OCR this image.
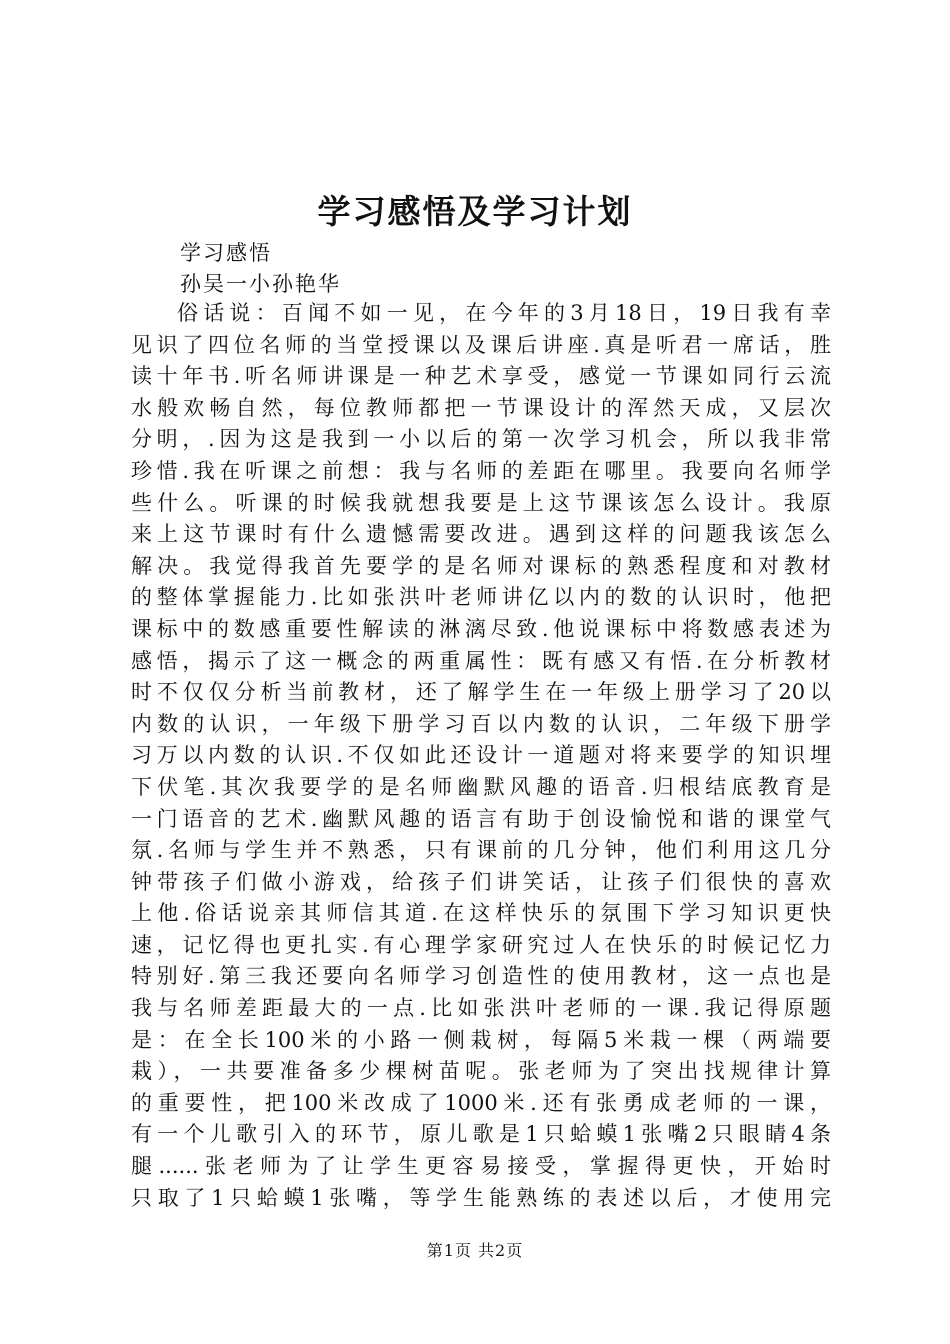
学习感悟及学习计划

学习感悟

孙吴一小孙艳华

俗话说：百闻不如一见，在今年的3月18日，19日我有幸
见识了四位名师的当堂授课以及课后讲座.真是听君一席话，胜
读十年书.听名师讲课是一种艺术享受，感觉一节课如同行云流
水般欢畅自然，每位教师都把一节课设计的浑然天成，又层次
分明，.因为这是我到一小以后的第一次学习机会，所以我非常
珍惜.我在听课之前想：我与名师的差距在哪里。我要向名师学
些什么。听课的时候我就想我要是上这节课该怎么设计。我原
来上这节课时有什么遗憾需要改进。遇到这样的问题我该怎么
解决。我觉得我首先要学的是名师对课标的熟悉程度和对教材
的整体掌握能力.比如张洪叶老师讲亿以内的数的认识时，他把
课标中的数感重要性解读的淋漓尽致.他说课标中将数感表述为
感悟，揭示了这一概念的两重属性：既有感又有悟.在分析教材
时不仅仅分析当前教材，还了解学生在一年级上册学习了20以
内数的认识，一年级下册学习百以内数的认识，二年级下册学
习万以内数的认识.不仅如此还设计一道题对将来要学的知识埋
下伏笔.其次我要学的是名师幽默风趣的语音.归根结底教育是
一门语音的艺术.幽默风趣的语言有助于创设愉悦和谐的课堂气
氛.名师与学生并不熟悉，只有课前的几分钟，他们利用这几分
钟带孩子们做小游戏，给孩子们讲笑话，让孩子们很快的喜欢
上他.俗话说亲其师信其道.在这样快乐的氛围下学习知识更快
速，记忆得也更扎实.有心理学家研究过人在快乐的时候记忆力
特别好.第三我还要向名师学习创造性的使用教材，这一点也是
我与名师差距最大的一点.比如张洪叶老师的一课.我记得原题
是：在全长100米的小路一侧栽树，每隔5米栽一棵（两端要
栽），一共要准备多少棵树苗呢。张老师为了突出找规律计算
的重要性，把100米改成了1000米.还有张勇成老师的一课，
有一个儿歌引入的环节，原儿歌是1只蛤蟆1张嘴2只眼睛4条
腿......张老师为了让学生更容易接受，掌握得更快，开始时
只取了1只蛤蟆1张嘴，等学生能熟练的表述以后，才使用完

第1页 共2页
